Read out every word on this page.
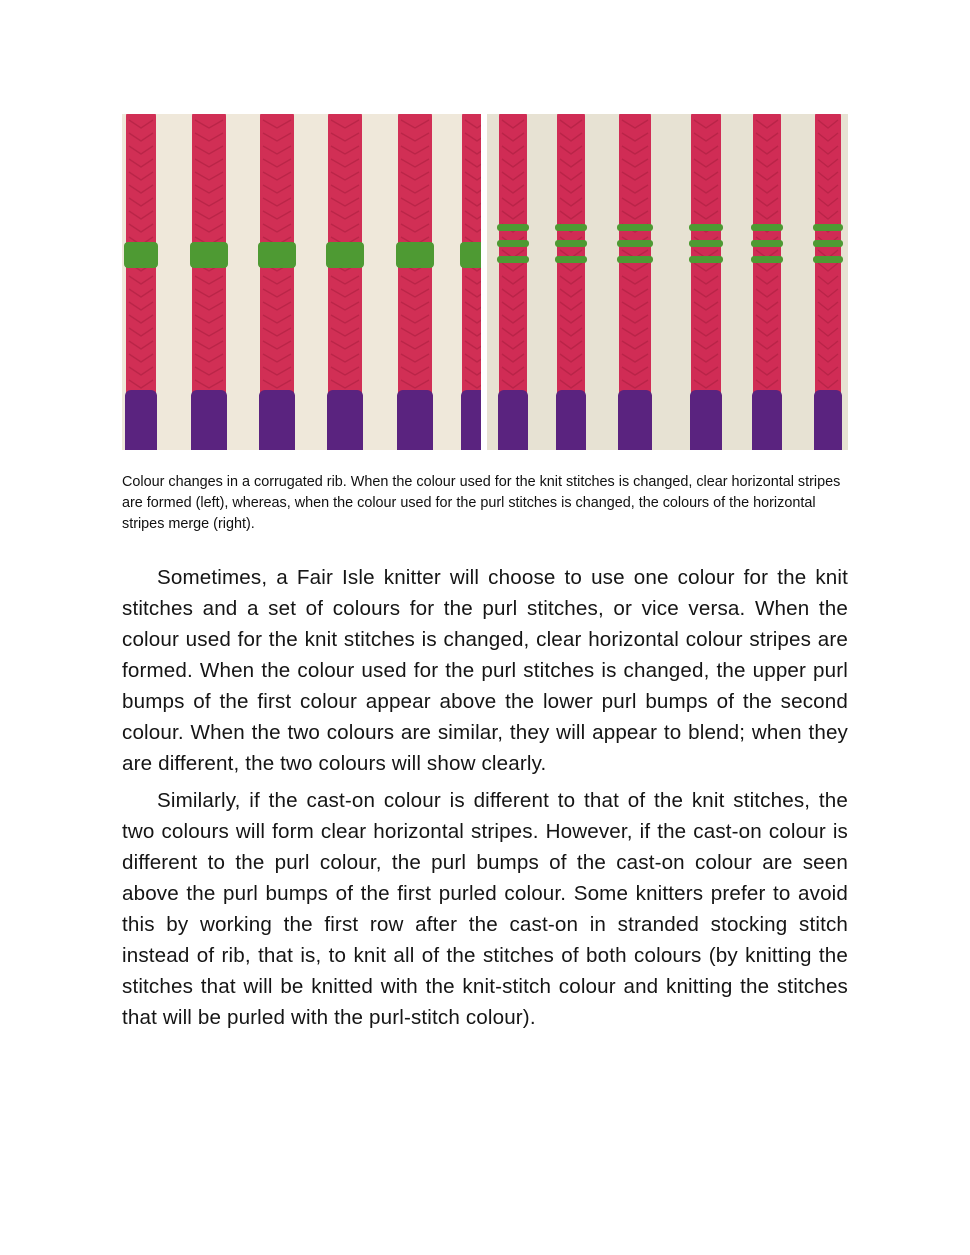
Colour changes in a corrugated rib. When the colour used for the knit stitches is changed, clear horizontal stripes are formed (left), whereas, when the colour used for the purl stitches is changed, the colours of the horizontal stripes merge (right).

Sometimes, a Fair Isle knitter will choose to use one colour for the knit stitches and a set of colours for the purl stitches, or vice versa. When the colour used for the knit stitches is changed, clear horizontal colour stripes are formed. When the colour used for the purl stitches is changed, the upper purl bumps of the first colour appear above the lower purl bumps of the second colour. When the two colours are similar, they will appear to blend; when they are different, the two colours will show clearly.

Similarly, if the cast-on colour is different to that of the knit stitches, the two colours will form clear horizontal stripes. However, if the cast-on colour is different to the purl colour, the purl bumps of the cast-on colour are seen above the purl bumps of the first purled colour. Some knitters prefer to avoid this by working the first row after the cast-on in stranded stocking stitch instead of rib, that is, to knit all of the stitches of both colours (by knitting the stitches that will be knitted with the knit-stitch colour and knitting the stitches that will be purled with the purl-stitch colour).
